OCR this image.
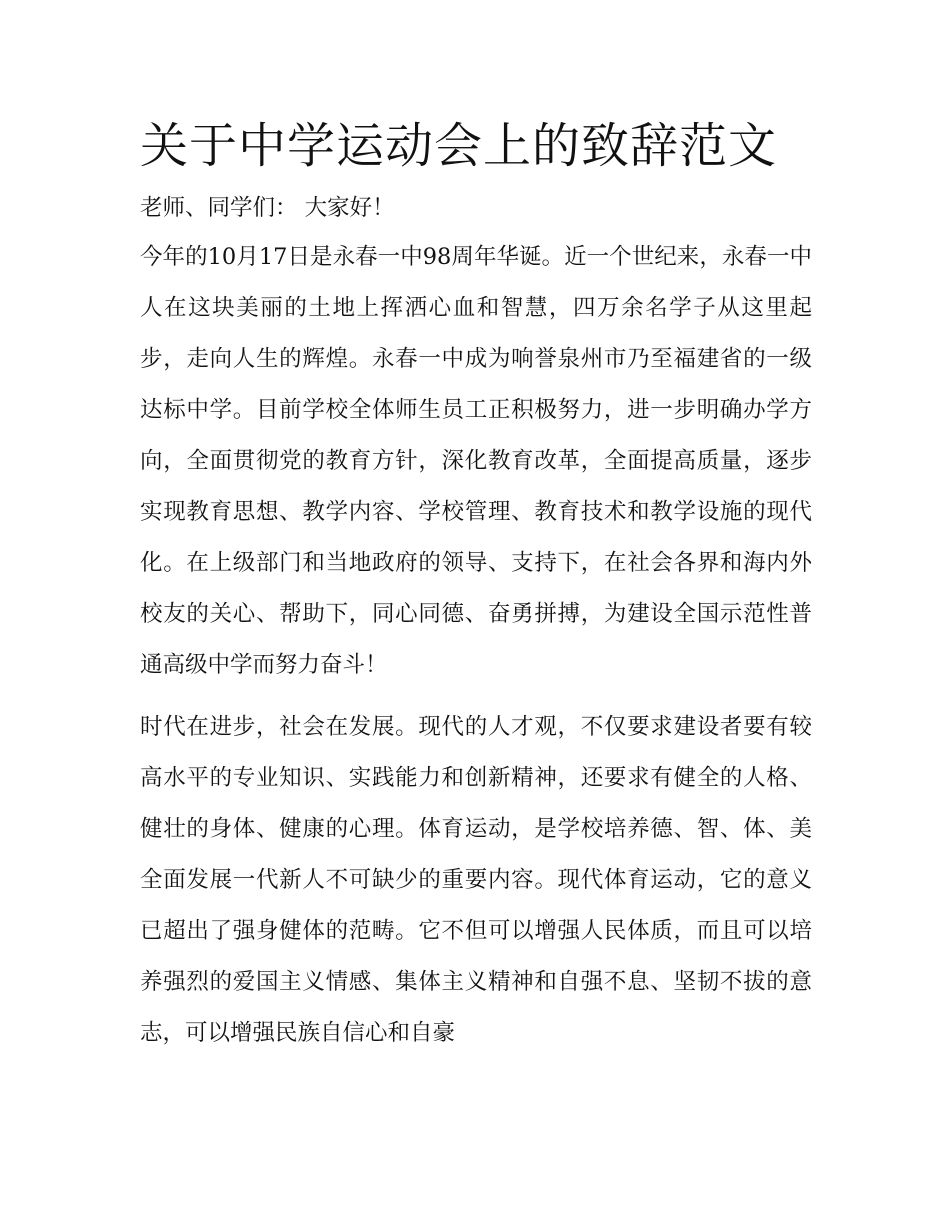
关于中学运动会上的致辞范文

老师、同学们： 大家好！

今年的10月17日是永春一中98周年华诞。近一个世纪来，永春一中人在这块美丽的土地上挥洒心血和智慧，四万余名学子从这里起步，走向人生的辉煌。永春一中成为响誉泉州市乃至福建省的一级达标中学。目前学校全体师生员工正积极努力，进一步明确办学方向，全面贯彻党的教育方针，深化教育改革，全面提高质量，逐步实现教育思想、教学内容、学校管理、教育技术和教学设施的现代化。在上级部门和当地政府的领导、支持下，在社会各界和海内外校友的关心、帮助下，同心同德、奋勇拼搏，为建设全国示范性普通高级中学而努力奋斗！

时代在进步，社会在发展。现代的人才观，不仅要求建设者要有较高水平的专业知识、实践能力和创新精神，还要求有健全的人格、健壮的身体、健康的心理。体育运动，是学校培养德、智、体、美全面发展一代新人不可缺少的重要内容。现代体育运动，它的意义已超出了强身健体的范畴。它不但可以增强人民体质，而且可以培养强烈的爱国主义情感、集体主义精神和自强不息、坚韧不拔的意志，可以增强民族自信心和自豪
